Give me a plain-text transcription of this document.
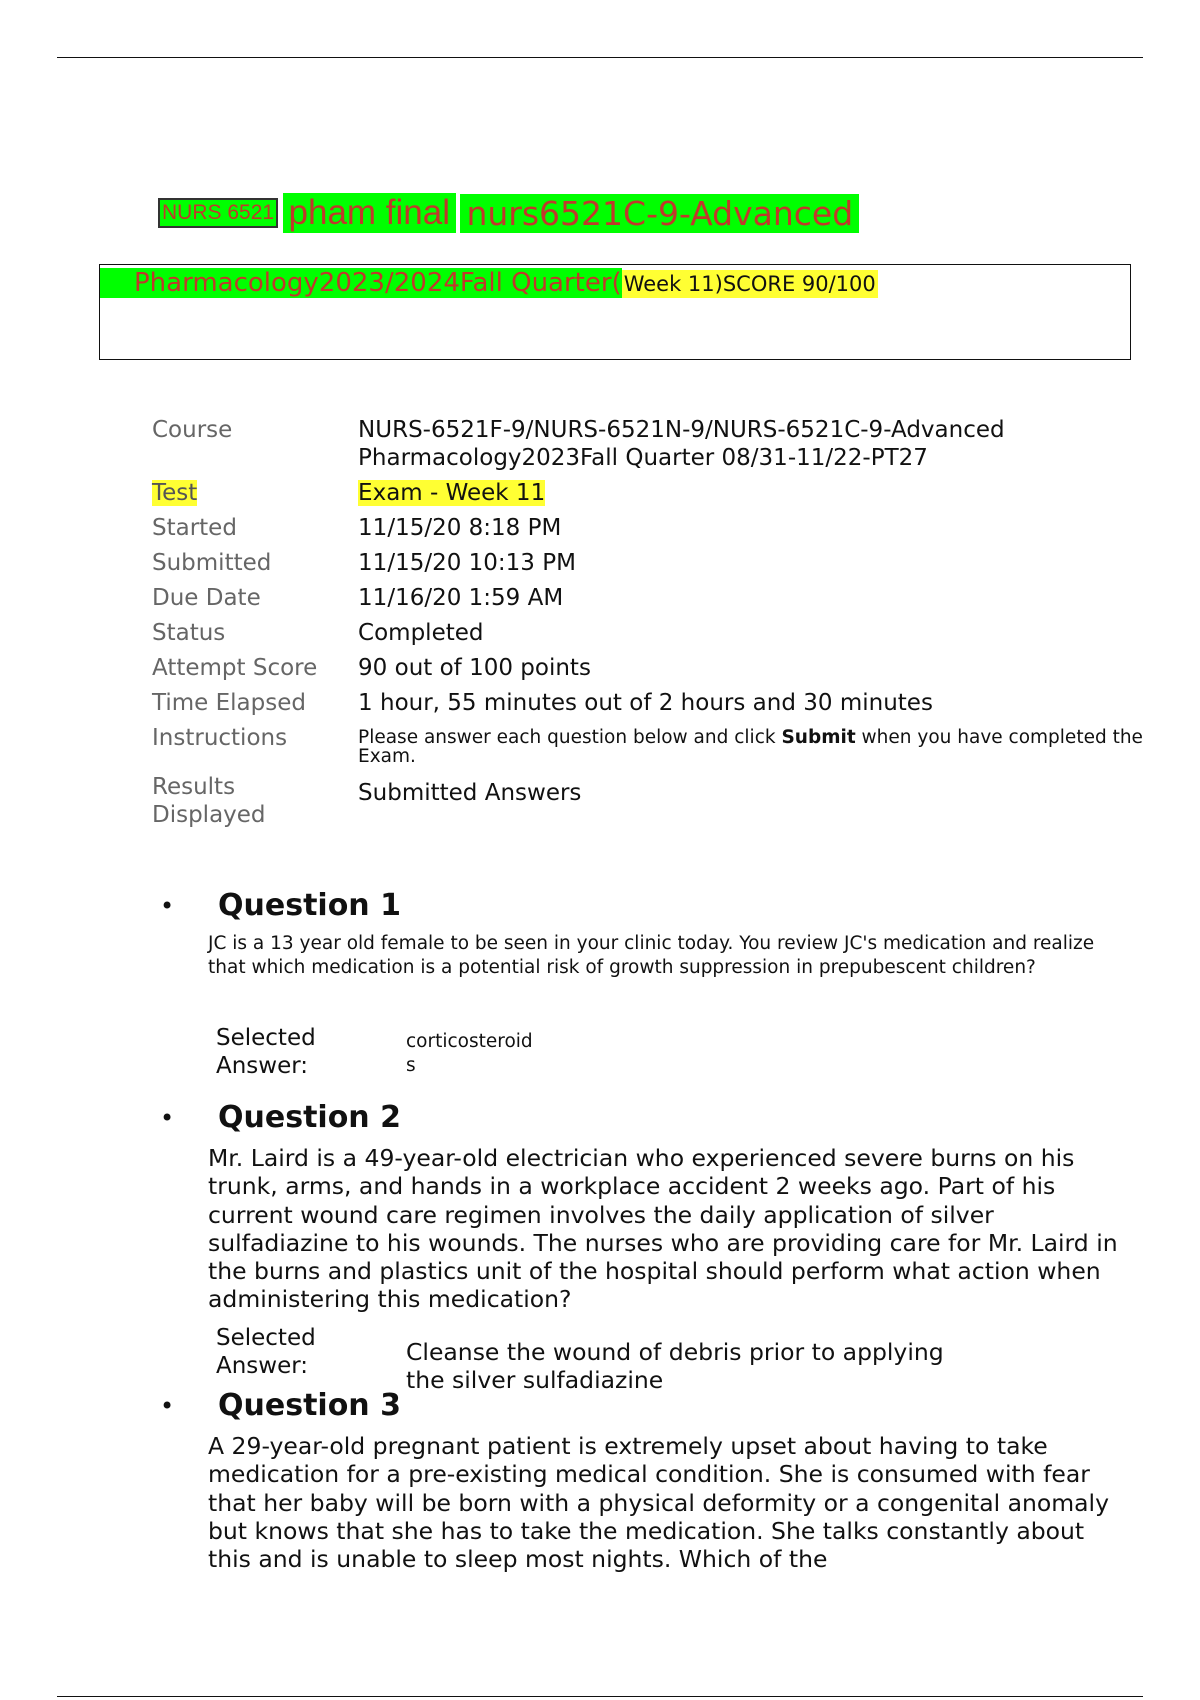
NURS 6521 pham final nurs6521C-9-Advanced
Pharmacology2023/2024Fall Quarter(Week 11)SCORE 90/100
Course	NURS-6521F-9/NURS-6521N-9/NURS-6521C-9-Advanced Pharmacology2023Fall Quarter 08/31-11/22-PT27
Test	Exam - Week 11
Started	11/15/20 8:18 PM
Submitted	11/15/20 10:13 PM
Due Date	11/16/20 1:59 AM
Status	Completed
Attempt Score	90 out of 100 points
Time Elapsed	1 hour, 55 minutes out of 2 hours and 30 minutes
Instructions	Please answer each question below and click Submit when you have completed the Exam.
Results Displayed	Submitted Answers
• Question 1
JC is a 13 year old female to be seen in your clinic today. You review JC's medication and realize that which medication is a potential risk of growth suppression in prepubescent children?
Selected Answer:
corticosteroids
• Question 2
Mr. Laird is a 49-year-old electrician who experienced severe burns on his trunk, arms, and hands in a workplace accident 2 weeks ago. Part of his current wound care regimen involves the daily application of silver sulfadiazine to his wounds. The nurses who are providing care for Mr. Laird in the burns and plastics unit of the hospital should perform what action when administering this medication?
Selected Answer:	Cleanse the wound of debris prior to applying the silver sulfadiazine
• Question 3
A 29-year-old pregnant patient is extremely upset about having to take medication for a pre-existing medical condition. She is consumed with fear that her baby will be born with a physical deformity or a congenital anomaly but knows that she has to take the medication. She talks constantly about this and is unable to sleep most nights. Which of the
